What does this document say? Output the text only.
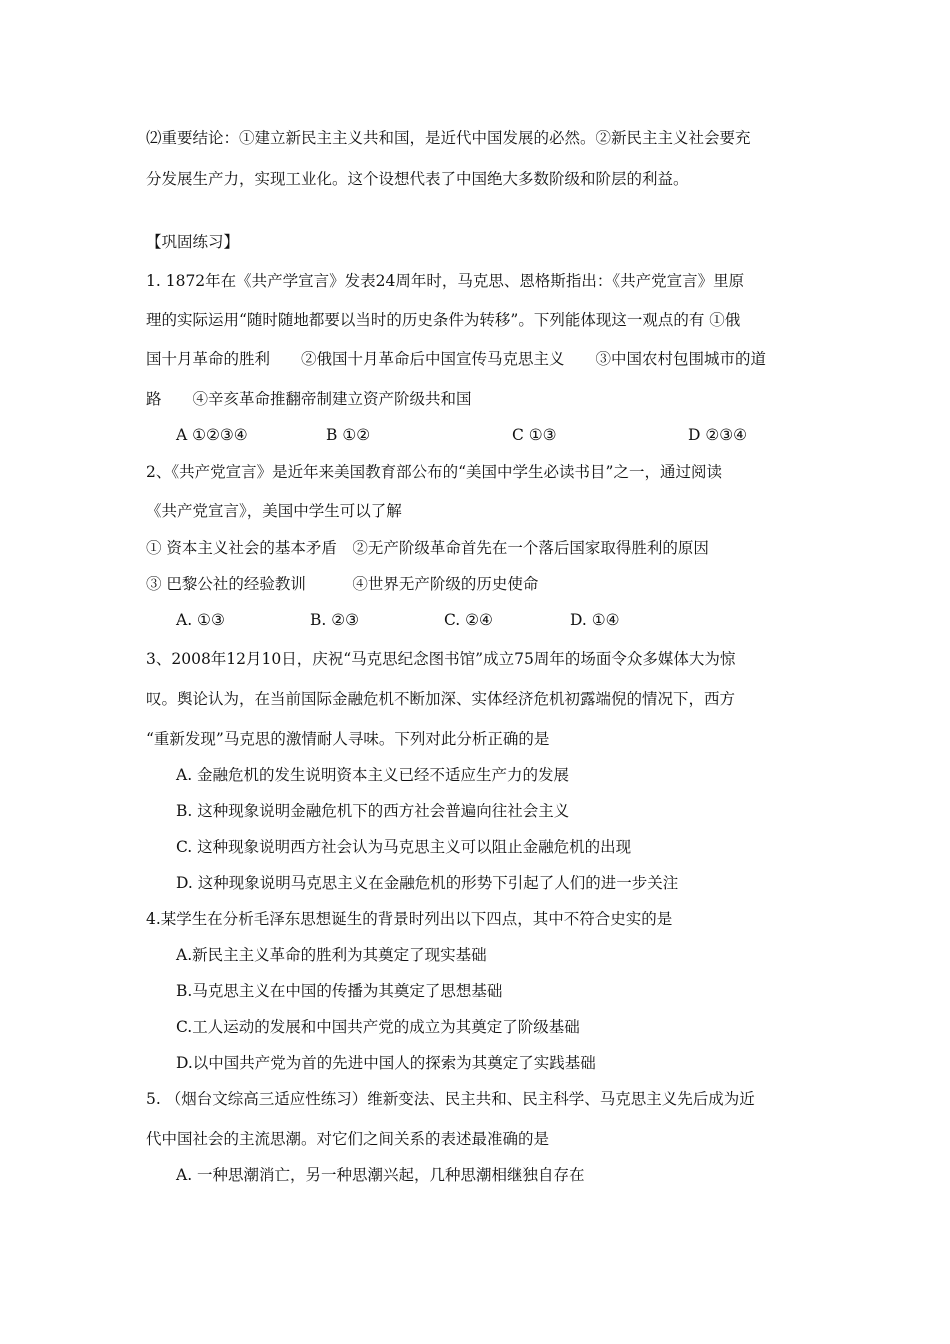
⑵重要结论：①建立新民主主义共和国，是近代中国发展的必然。②新民主主义社会要充
分发展生产力，实现工业化。这个设想代表了中国绝大多数阶级和阶层的利益。
【巩固练习】
1. 1872年在《共产学宣言》发表24周年时，马克思、恩格斯指出：《共产党宣言》里原
理的实际运用“随时随地都要以当时的历史条件为转移”。下列能体现这一观点的有 ①俄
国十月革命的胜利　　②俄国十月革命后中国宣传马克思主义　　③中国农村包围城市的道
路　　④辛亥革命推翻帝制建立资产阶级共和国
A ①②③④	B ①②	C ①③	D ②③④
2、《共产党宣言》是近年来美国教育部公布的“美国中学生必读书目”之一，通过阅读
《共产党宣言》，美国中学生可以了解
① 资本主义社会的基本矛盾　②无产阶级革命首先在一个落后国家取得胜利的原因
③ 巴黎公社的经验教训　　　④世界无产阶级的历史使命
A. ①③	B. ②③	C. ②④	D. ①④
3、2008年12月10日，庆祝“马克思纪念图书馆”成立75周年的场面令众多媒体大为惊
叹。舆论认为，在当前国际金融危机不断加深、实体经济危机初露端倪的情况下，西方
“重新发现”马克思的激情耐人寻味。下列对此分析正确的是
A. 金融危机的发生说明资本主义已经不适应生产力的发展
B. 这种现象说明金融危机下的西方社会普遍向往社会主义
C. 这种现象说明西方社会认为马克思主义可以阻止金融危机的出现
D. 这种现象说明马克思主义在金融危机的形势下引起了人们的进一步关注
4.某学生在分析毛泽东思想诞生的背景时列出以下四点，其中不符合史实的是
A.新民主主义革命的胜利为其奠定了现实基础
B.马克思主义在中国的传播为其奠定了思想基础
C.工人运动的发展和中国共产党的成立为其奠定了阶级基础
D.以中国共产党为首的先进中国人的探索为其奠定了实践基础
5. （烟台文综高三适应性练习）维新变法、民主共和、民主科学、马克思主义先后成为近
代中国社会的主流思潮。对它们之间关系的表述最准确的是
A. 一种思潮消亡，另一种思潮兴起，几种思潮相继独自存在
